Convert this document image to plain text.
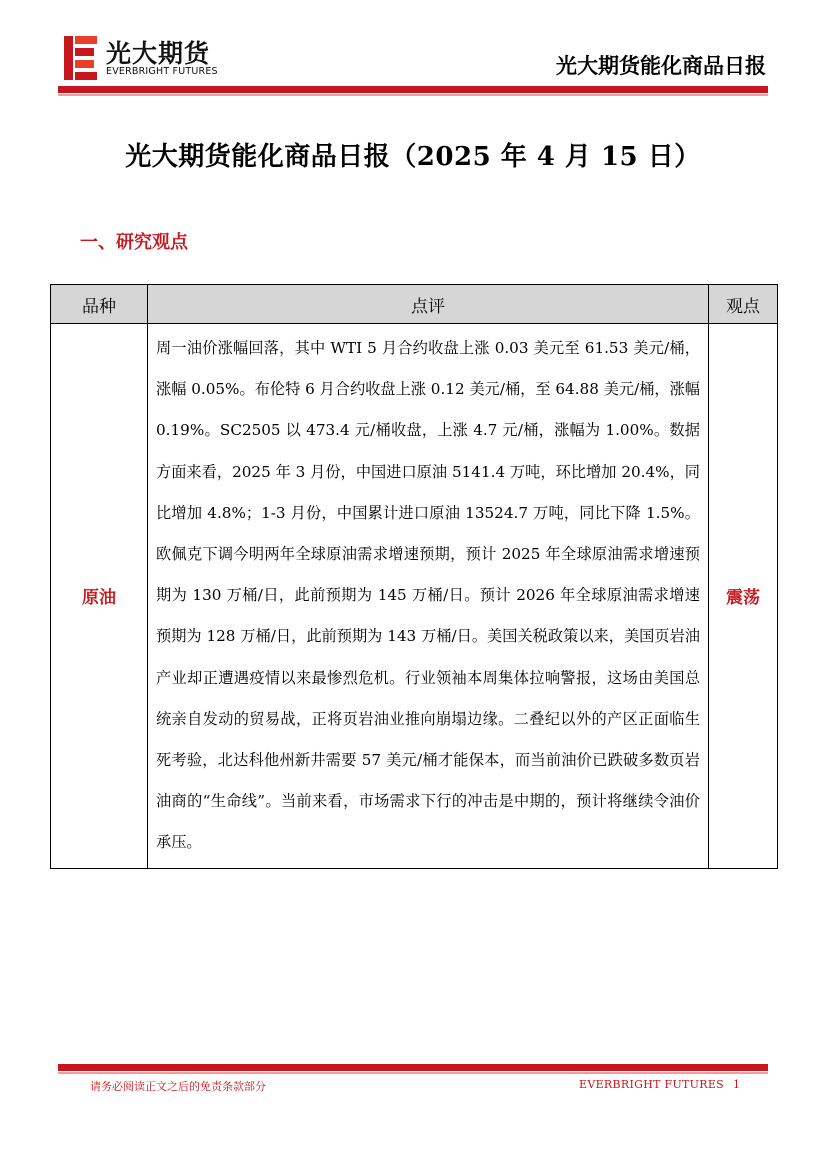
光大期货
EVERBRIGHT FUTURES	光大期货能化商品日报
光大期货能化商品日报（2025 年 4 月 15 日）
一、研究观点
品种	点评	观点
原油	周一油价涨幅回落，其中 WTI 5 月合约收盘上涨 0.03 美元至 61.53 美元/桶，涨幅 0.05%。布伦特 6 月合约收盘上涨 0.12 美元/桶，至 64.88 美元/桶，涨幅 0.19%。SC2505 以 473.4 元/桶收盘，上涨 4.7 元/桶，涨幅为 1.00%。数据方面来看，2025 年 3 月份，中国进口原油 5141.4 万吨，环比增加 20.4%，同比增加 4.8%；1-3 月份，中国累计进口原油 13524.7 万吨，同比下降 1.5%。欧佩克下调今明两年全球原油需求增速预期，预计 2025 年全球原油需求增速预期为 130 万桶/日，此前预期为 145 万桶/日。预计 2026 年全球原油需求增速预期为 128 万桶/日，此前预期为 143 万桶/日。美国关税政策以来，美国页岩油产业却正遭遇疫情以来最惨烈危机。行业领袖本周集体拉响警报，这场由美国总统亲自发动的贸易战，正将页岩油业推向崩塌边缘。二叠纪以外的产区正面临生死考验，北达科他州新井需要 57 美元/桶才能保本，而当前油价已跌破多数页岩油商的“生命线”。当前来看，市场需求下行的冲击是中期的，预计将继续令油价承压。	震荡
请务必阅读正文之后的免责条款部分	EVERBRIGHT FUTURES 1
